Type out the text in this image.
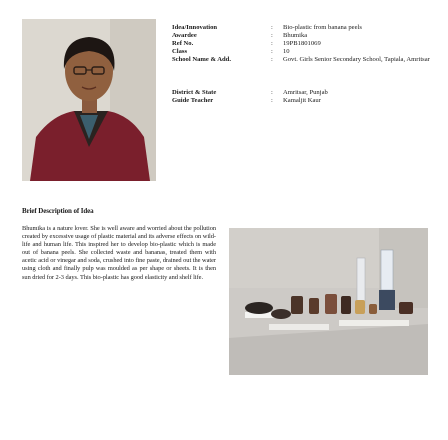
Idea/Innovation	: Bio-plastic from banana peels
Awardee	: Bhumika
Ref No.	: 19PB1801069
Class	: 10
School Name & Add.	: Govt. Girls Senior Secondary School, Tapiala, Amritsar
District & State	: Amritsar, Punjab
Guide Teacher	: Kamaljit Kaur
Brief Description of Idea
Bhumika is a nature lover. She is well aware and worried about the pollution created by excessive usage of plastic material and its adverse effects on wild-life and human life. This inspired her to develop bio-plastic which is made out of banana peels. She collected waste and bananas, treated them with acetic acid or vinegar and soda, crushed into fine paste, drained out the water using cloth and finally pulp was moulded as per shape or sheets. It is then sun dried for 2-3 days. This bio-plastic has good elasticity and shelf life.
